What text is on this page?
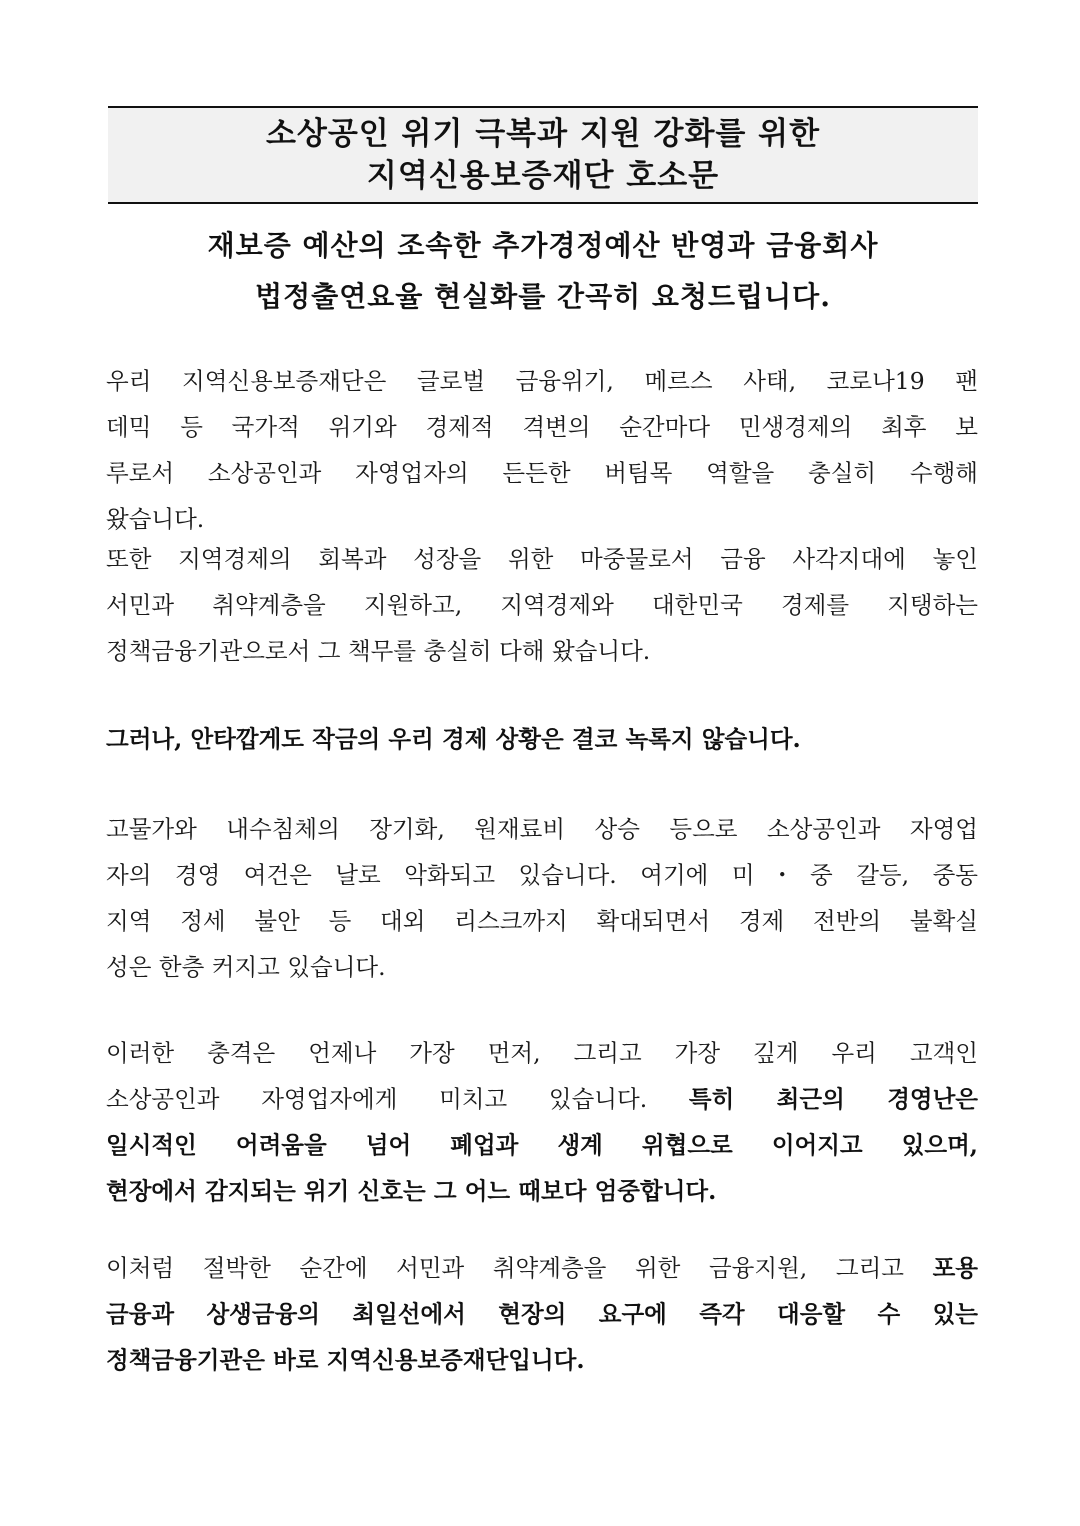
소상공인 위기 극복과 지원 강화를 위한
지역신용보증재단 호소문
재보증 예산의 조속한 추가경정예산 반영과 금융회사
법정출연요율 현실화를 간곡히 요청드립니다.
우리 지역신용보증재단은 글로벌 금융위기, 메르스 사태, 코로나19 팬
데믹 등 국가적 위기와 경제적 격변의 순간마다 민생경제의 최후 보
루로서 소상공인과 자영업자의 든든한 버팀목 역할을 충실히 수행해
왔습니다.
또한 지역경제의 회복과 성장을 위한 마중물로서 금융 사각지대에 놓인
서민과 취약계층을 지원하고, 지역경제와 대한민국 경제를 지탱하는
정책금융기관으로서 그 책무를 충실히 다해 왔습니다.
그러나, 안타깝게도 작금의 우리 경제 상황은 결코 녹록지 않습니다.
고물가와 내수침체의 장기화, 원재료비 상승 등으로 소상공인과 자영업
자의 경영 여건은 날로 악화되고 있습니다. 여기에 미・중 갈등, 중동
지역 정세 불안 등 대외 리스크까지 확대되면서 경제 전반의 불확실
성은 한층 커지고 있습니다.
이러한 충격은 언제나 가장 먼저, 그리고 가장 깊게 우리 고객인
소상공인과 자영업자에게 미치고 있습니다. 특히 최근의 경영난은
일시적인 어려움을 넘어 폐업과 생계 위협으로 이어지고 있으며,
현장에서 감지되는 위기 신호는 그 어느 때보다 엄중합니다.
이처럼 절박한 순간에 서민과 취약계층을 위한 금융지원, 그리고 포용
금융과 상생금융의 최일선에서 현장의 요구에 즉각 대응할 수 있는
정책금융기관은 바로 지역신용보증재단입니다.
